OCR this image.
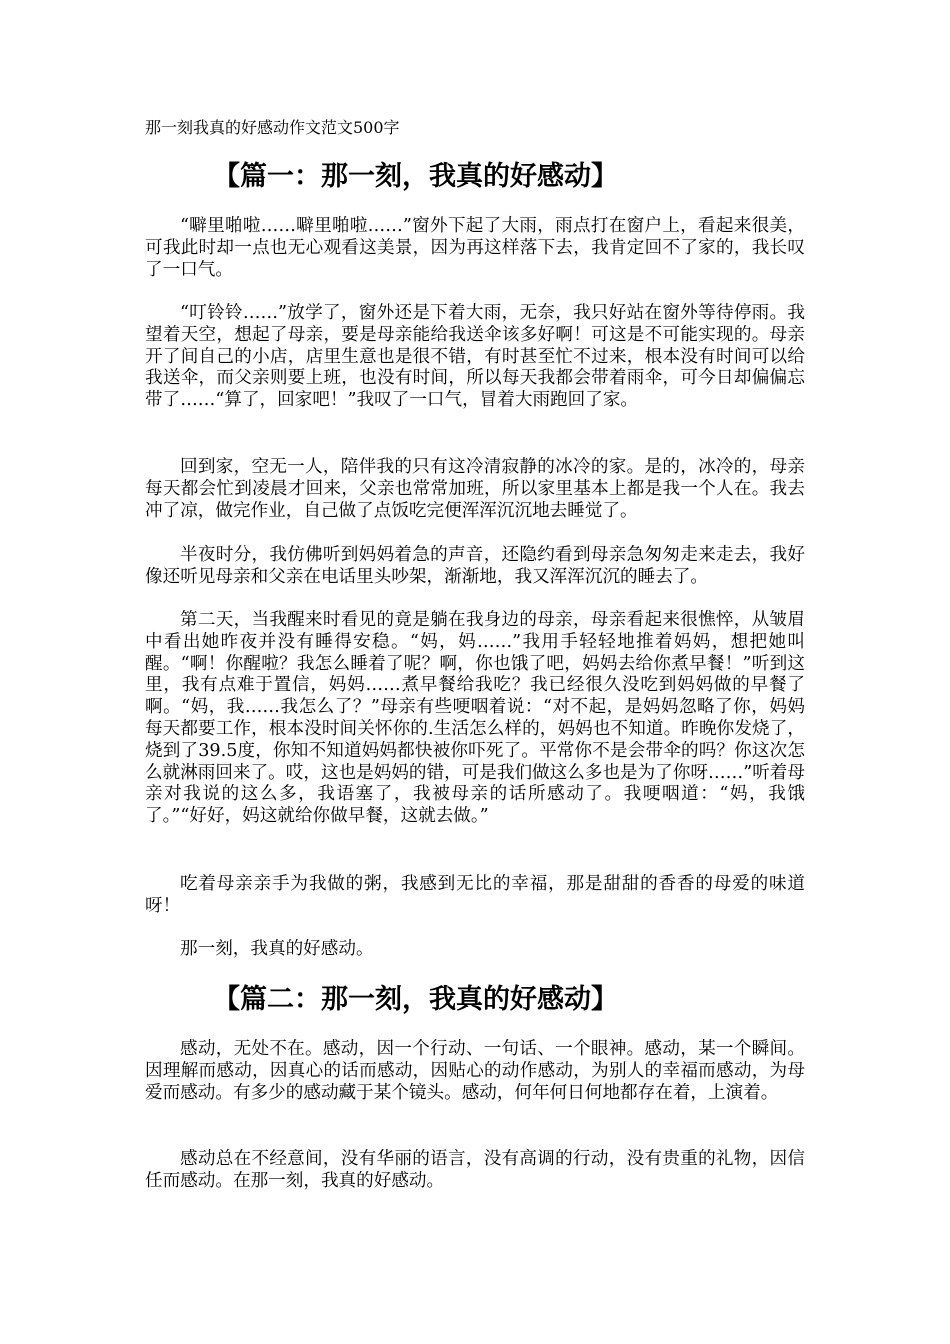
那一刻我真的好感动作文范文500字
【篇一：那一刻，我真的好感动】

“噼里啪啦……噼里啪啦……”窗外下起了大雨，雨点打在窗户上，看起来很美，可我此时却一点也无心观看这美景，因为再这样落下去，我肯定回不了家的，我长叹了一口气。

“叮铃铃……”放学了，窗外还是下着大雨，无奈，我只好站在窗外等待停雨。我望着天空，想起了母亲，要是母亲能给我送伞该多好啊！可这是不可能实现的。母亲开了间自己的小店，店里生意也是很不错，有时甚至忙不过来，根本没有时间可以给我送伞，而父亲则要上班，也没有时间，所以每天我都会带着雨伞，可今日却偏偏忘带了……“算了，回家吧！”我叹了一口气，冒着大雨跑回了家。

回到家，空无一人，陪伴我的只有这冷清寂静的冰冷的家。是的，冰冷的，母亲每天都会忙到凌晨才回来，父亲也常常加班，所以家里基本上都是我一个人在。我去冲了凉，做完作业，自己做了点饭吃完便浑浑沉沉地去睡觉了。

半夜时分，我仿佛听到妈妈着急的声音，还隐约看到母亲急匆匆走来走去，我好像还听见母亲和父亲在电话里头吵架，渐渐地，我又浑浑沉沉的睡去了。

第二天，当我醒来时看见的竟是躺在我身边的母亲，母亲看起来很憔悴，从皱眉中看出她昨夜并没有睡得安稳。“妈，妈……”我用手轻轻地推着妈妈，想把她叫醒。“啊！你醒啦？我怎么睡着了呢？啊，你也饿了吧，妈妈去给你煮早餐！”听到这里，我有点难于置信，妈妈……煮早餐给我吃？我已经很久没吃到妈妈做的早餐了啊。“妈，我……我怎么了？”母亲有些哽咽着说：“对不起，是妈妈忽略了你，妈妈每天都要工作，根本没时间关怀你的.生活怎么样的，妈妈也不知道。昨晚你发烧了，烧到了39.5度，你知不知道妈妈都快被你吓死了。平常你不是会带伞的吗？你这次怎么就淋雨回来了。哎，这也是妈妈的错，可是我们做这么多也是为了你呀……”听着母亲对我说的这么多，我语塞了，我被母亲的话所感动了。我哽咽道：“妈，我饿了。”“好好，妈这就给你做早餐，这就去做。”

吃着母亲亲手为我做的粥，我感到无比的幸福，那是甜甜的香香的母爱的味道呀！

那一刻，我真的好感动。

【篇二：那一刻，我真的好感动】

感动，无处不在。感动，因一个行动、一句话、一个眼神。感动，某一个瞬间。因理解而感动，因真心的话而感动，因贴心的动作感动，为别人的幸福而感动，为母爱而感动。有多少的感动藏于某个镜头。感动，何年何日何地都存在着，上演着。

感动总在不经意间，没有华丽的语言，没有高调的行动，没有贵重的礼物，因信任而感动。在那一刻，我真的好感动。
